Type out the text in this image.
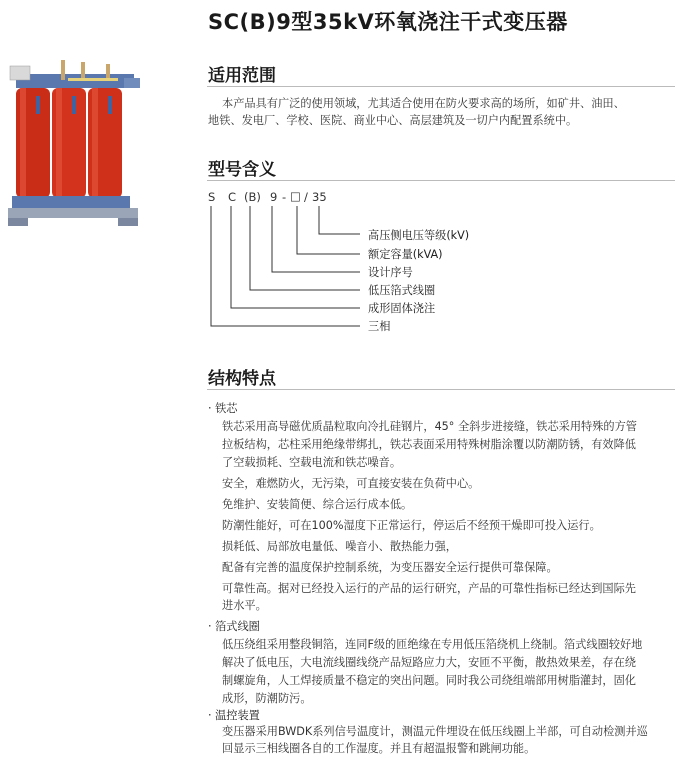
SC(B)9型35kV环氧浇注干式变压器
适用范围
本产品具有广泛的使用领域，尤其适合使用在防火要求高的场所，如矿井、油田、
地铁、发电厂、学校、医院、商业中心、高层建筑及一切户内配置系统中。
型号含义
S C (B) 9 - □ / 35
高压侧电压等级(kV)
额定容量(kVA)
设计序号
低压箔式线圈
成形固体浇注
三相
结构特点
· 铁芯
铁芯采用高导磁优质晶粒取向冷扎硅钢片，45° 全斜步进接缝，铁芯采用特殊的方管
拉板结构，芯柱采用绝缘带绑扎，铁芯表面采用特殊树脂涂覆以防潮防锈，有效降低
了空载损耗、空载电流和铁芯噪音。
安全，难燃防火，无污染，可直接安装在负荷中心。
免维护、安装简便、综合运行成本低。
防潮性能好，可在100%湿度下正常运行，停运后不经预干燥即可投入运行。
损耗低、局部放电量低、噪音小、散热能力强，
配备有完善的温度保护控制系统，为变压器安全运行提供可靠保障。
可靠性高。据对已经投入运行的产品的运行研究，产品的可靠性指标已经达到国际先
进水平。
· 箔式线圈
低压绕组采用整段铜箔，连同F级的匝绝缘在专用低压箔绕机上绕制。箔式线圈较好地
解决了低电压，大电流线圈线绕产品短路应力大，安匝不平衡，散热效果差，存在绕
制螺旋角，人工焊接质量不稳定的突出问题。同时我公司绕组端部用树脂灌封，固化
成形，防潮防污。
· 温控装置
变压器采用BWDK系列信号温度计，测温元件埋设在低压线圈上半部，可自动检测并巡
回显示三相线圈各自的工作湿度。并且有超温报警和跳闸功能。
